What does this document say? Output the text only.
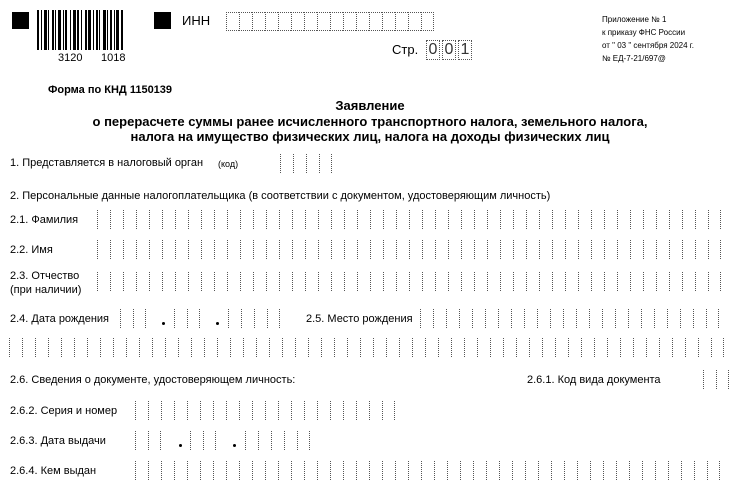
3120 1018
ИНН
Стр. 0 0 1
Приложение № 1
к приказу ФНС России
от " 03 " сентября 2024 г.
№ ЕД-7-21/697@
Форма по КНД 1150139
Заявление
о перерасчете суммы ранее исчисленного транспортного налога, земельного налога,
налога на имущество физических лиц, налога на доходы физических лиц
1. Представляется в налоговый орган (код)
2. Персональные данные налогоплательщика (в соответствии с документом, удостоверяющим личность)
2.1. Фамилия
2.2. Имя
2.3. Отчество
(при наличии)
2.4. Дата рождения	2.5. Место рождения
2.6. Сведения о документе, удостоверяющем личность:	2.6.1. Код вида документа
2.6.2. Серия и номер
2.6.3. Дата выдачи
2.6.4. Кем выдан
